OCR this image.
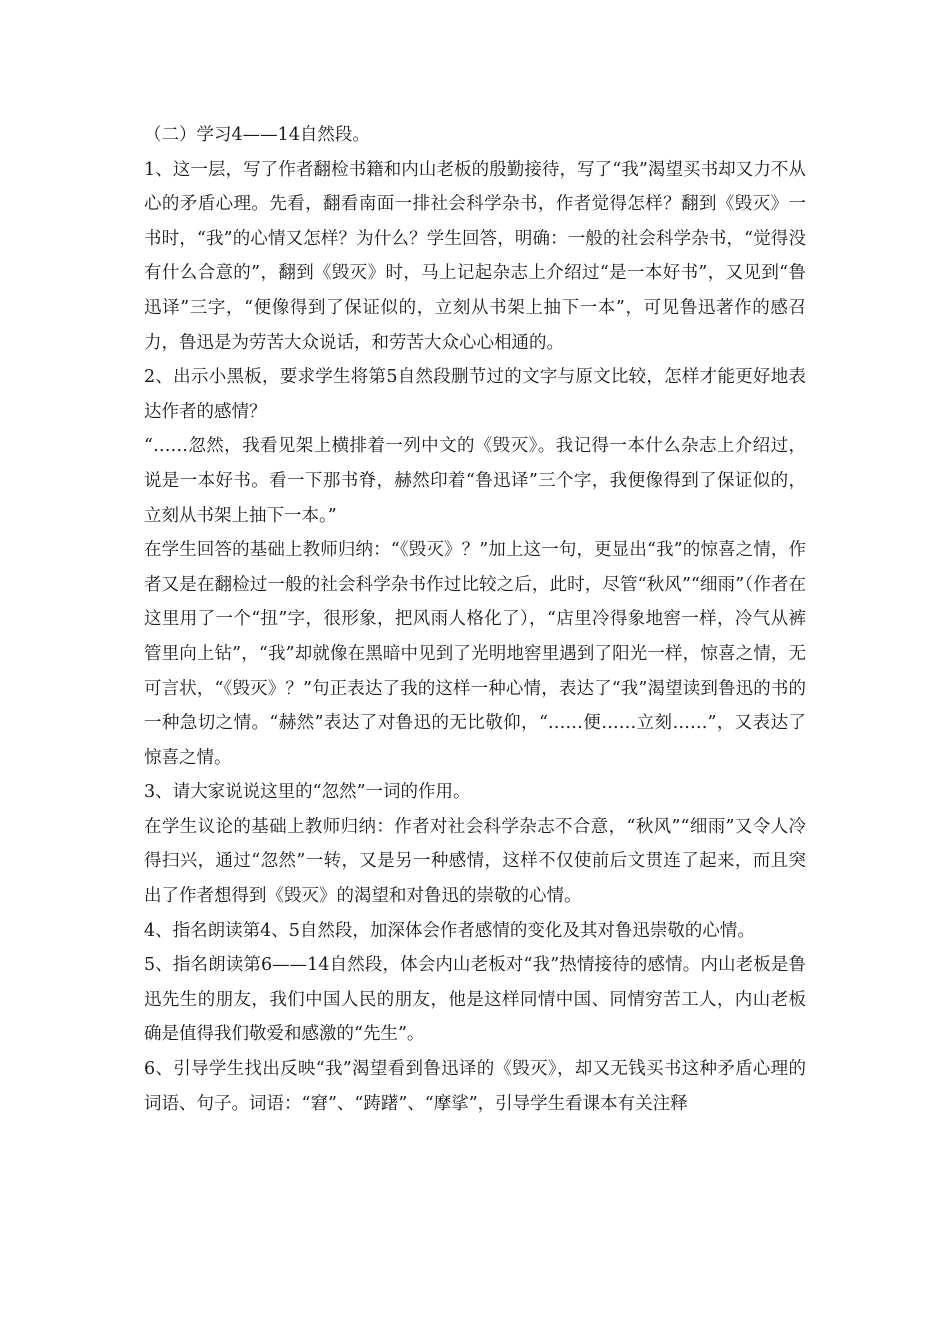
（二）学习4——14自然段。

1、这一层，写了作者翻检书籍和内山老板的殷勤接待，写了“我”渴望买书却又力不从心的矛盾心理。先看，翻看南面一排社会科学杂书，作者觉得怎样？翻到《毁灭》一书时，“我”的心情又怎样？为什么？学生回答，明确：一般的社会科学杂书，“觉得没有什么合意的”，翻到《毁灭》时，马上记起杂志上介绍过“是一本好书”，又见到“鲁迅译”三字，“便像得到了保证似的，立刻从书架上抽下一本”，可见鲁迅著作的感召力，鲁迅是为劳苦大众说话，和劳苦大众心心相通的。

2、出示小黑板，要求学生将第5自然段删节过的文字与原文比较，怎样才能更好地表达作者的感情？

“……忽然，我看见架上横排着一列中文的《毁灭》。我记得一本什么杂志上介绍过，说是一本好书。看一下那书脊，赫然印着“鲁迅译”三个字，我便像得到了保证似的，立刻从书架上抽下一本。”

在学生回答的基础上教师归纳：“《毁灭》？”加上这一句，更显出“我”的惊喜之情，作者又是在翻检过一般的社会科学杂书作过比较之后，此时，尽管“秋风”“细雨”（作者在这里用了一个“扭”字，很形象，把风雨人格化了），“店里冷得象地窖一样，冷气从裤管里向上钻”，“我”却就像在黑暗中见到了光明地窖里遇到了阳光一样，惊喜之情，无可言状，“《毁灭》？”句正表达了我的这样一种心情，表达了“我”渴望读到鲁迅的书的一种急切之情。“赫然”表达了对鲁迅的无比敬仰，“……便……立刻……”，又表达了惊喜之情。

3、请大家说说这里的“忽然”一词的作用。

在学生议论的基础上教师归纳：作者对社会科学杂志不合意，“秋风”“细雨”又令人冷得扫兴，通过“忽然”一转，又是另一种感情，这样不仅使前后文贯连了起来，而且突出了作者想得到《毁灭》的渴望和对鲁迅的崇敬的心情。

4、指名朗读第4、5自然段，加深体会作者感情的变化及其对鲁迅崇敬的心情。

5、指名朗读第6——14自然段，体会内山老板对“我”热情接待的感情。内山老板是鲁迅先生的朋友，我们中国人民的朋友，他是这样同情中国、同情穷苦工人，内山老板确是值得我们敬爱和感激的“先生”。

6、引导学生找出反映“我”渴望看到鲁迅译的《毁灭》，却又无钱买书这种矛盾心理的词语、句子。词语：“窘”、“踌躇”、“摩挲”，引导学生看课本有关注释
